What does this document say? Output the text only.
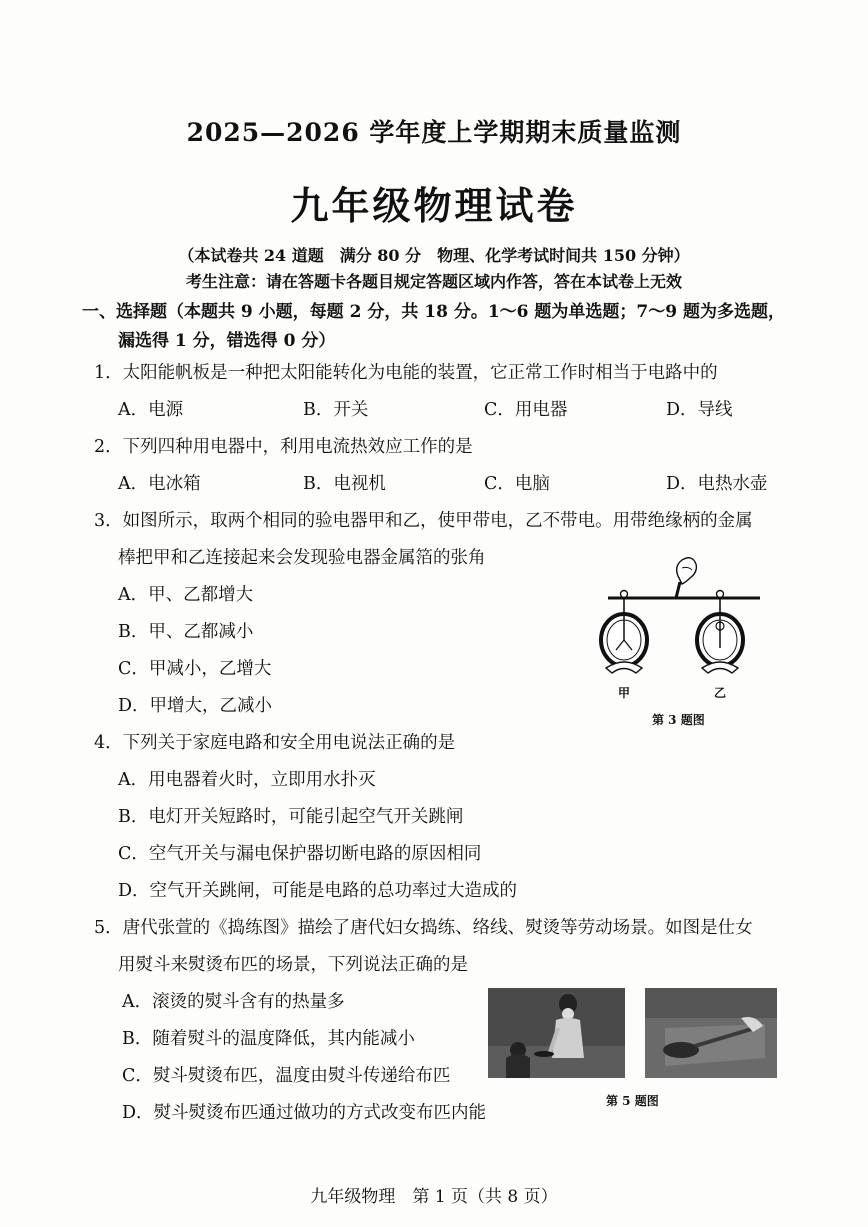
2025—2026 学年度上学期期末质量监测
九年级物理试卷
（本试卷共 24 道题　满分 80 分　物理、化学考试时间共 150 分钟）
考生注意：请在答题卡各题目规定答题区域内作答，答在本试卷上无效
一、选择题（本题共 9 小题，每题 2 分，共 18 分。1～6 题为单选题；7～9 题为多选题，
漏选得 1 分，错选得 0 分）
1．太阳能帆板是一种把太阳能转化为电能的装置，它正常工作时相当于电路中的
A．电源	B．开关	C．用电器	D．导线
2．下列四种用电器中，利用电流热效应工作的是
A．电冰箱	B．电视机	C．电脑	D．电热水壶
3．如图所示，取两个相同的验电器甲和乙，使甲带电，乙不带电。用带绝缘柄的金属
棒把甲和乙连接起来会发现验电器金属箔的张角
A．甲、乙都增大
B．甲、乙都减小
C．甲减小，乙增大
D．甲增大，乙减小
甲	乙
第 3 题图
4．下列关于家庭电路和安全用电说法正确的是
A．用电器着火时，立即用水扑灭
B．电灯开关短路时，可能引起空气开关跳闸
C．空气开关与漏电保护器切断电路的原因相同
D．空气开关跳闸，可能是电路的总功率过大造成的
5．唐代张萱的《捣练图》描绘了唐代妇女捣练、络线、熨烫等劳动场景。如图是仕女
用熨斗来熨烫布匹的场景，下列说法正确的是
A．滚烫的熨斗含有的热量多
B．随着熨斗的温度降低，其内能减小
C．熨斗熨烫布匹，温度由熨斗传递给布匹
D．熨斗熨烫布匹通过做功的方式改变布匹内能
第 5 题图
九年级物理　第 1 页（共 8 页）
